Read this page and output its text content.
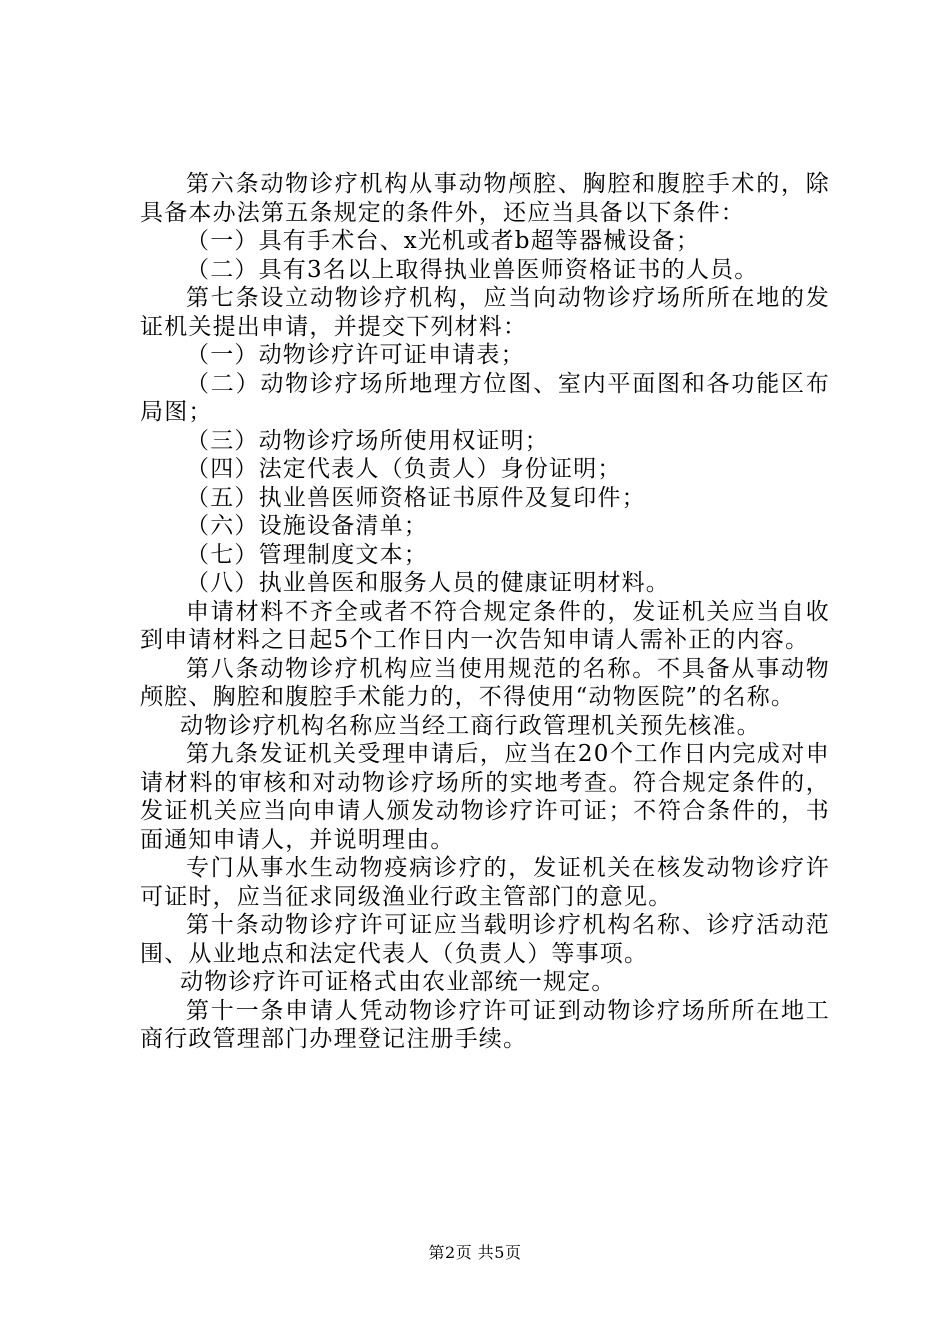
第六条动物诊疗机构从事动物颅腔、胸腔和腹腔手术的，除具备本办法第五条规定的条件外，还应当具备以下条件：

（一）具有手术台、x光机或者b超等器械设备；

（二）具有3名以上取得执业兽医师资格证书的人员。

第七条设立动物诊疗机构，应当向动物诊疗场所所在地的发证机关提出申请，并提交下列材料：

（一）动物诊疗许可证申请表；

（二）动物诊疗场所地理方位图、室内平面图和各功能区布局图；

（三）动物诊疗场所使用权证明；

（四）法定代表人（负责人）身份证明；

（五）执业兽医师资格证书原件及复印件；

（六）设施设备清单；

（七）管理制度文本；

（八）执业兽医和服务人员的健康证明材料。

申请材料不齐全或者不符合规定条件的，发证机关应当自收到申请材料之日起5个工作日内一次告知申请人需补正的内容。

第八条动物诊疗机构应当使用规范的名称。不具备从事动物颅腔、胸腔和腹腔手术能力的，不得使用“动物医院”的名称。

动物诊疗机构名称应当经工商行政管理机关预先核准。

第九条发证机关受理申请后，应当在20个工作日内完成对申请材料的审核和对动物诊疗场所的实地考查。符合规定条件的，发证机关应当向申请人颁发动物诊疗许可证；不符合条件的，书面通知申请人，并说明理由。

专门从事水生动物疫病诊疗的，发证机关在核发动物诊疗许可证时，应当征求同级渔业行政主管部门的意见。

第十条动物诊疗许可证应当载明诊疗机构名称、诊疗活动范围、从业地点和法定代表人（负责人）等事项。

动物诊疗许可证格式由农业部统一规定。

第十一条申请人凭动物诊疗许可证到动物诊疗场所所在地工商行政管理部门办理登记注册手续。

第2页 共5页
